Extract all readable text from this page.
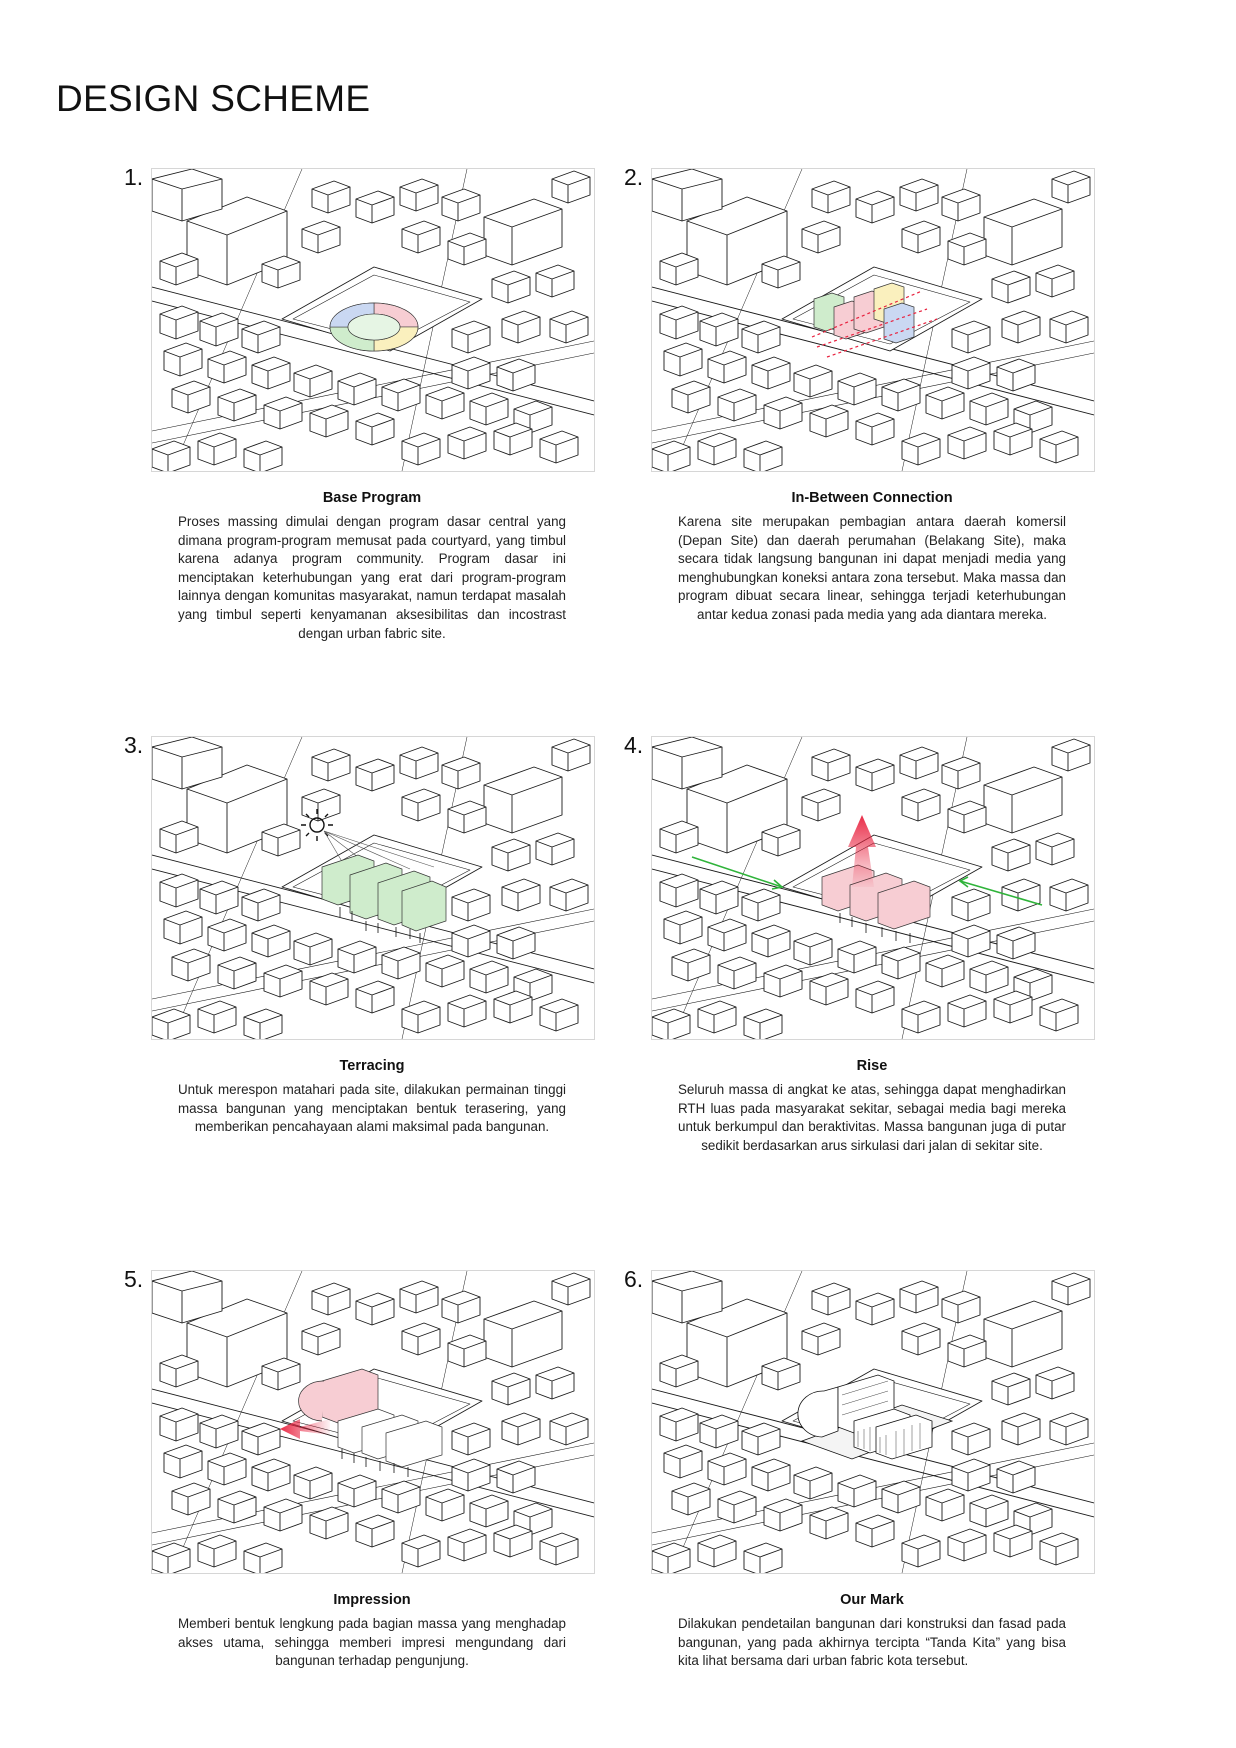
DESIGN SCHEME
1.
Base Program
Proses massing dimulai dengan program dasar central yang dimana program-program memusat pada courtyard, yang timbul karena adanya program community. Program dasar ini menciptakan keterhubungan yang erat dari program-program lainnya dengan komunitas masyarakat, namun terdapat masalah yang timbul seperti kenyamanan aksesibilitas dan incostrast dengan urban fabric site.
2.
In-Between Connection
Karena site merupakan pembagian antara daerah komersil (Depan Site) dan daerah perumahan (Belakang Site), maka secara tidak langsung bangunan ini dapat menjadi media yang menghubungkan koneksi antara zona tersebut. Maka massa dan program dibuat secara linear, sehingga terjadi keterhubungan antar kedua zonasi pada media yang ada diantara mereka.
3.
Terracing
Untuk merespon matahari pada site, dilakukan permainan tinggi massa bangunan yang menciptakan bentuk terasering, yang memberikan pencahayaan alami maksimal pada bangunan.
4.
Rise
Seluruh massa di angkat ke atas, sehingga dapat menghadirkan RTH luas pada masyarakat sekitar, sebagai media bagi mereka untuk berkumpul dan beraktivitas. Massa bangunan juga di putar sedikit berdasarkan arus sirkulasi dari jalan di sekitar site.
5.
Impression
Memberi bentuk lengkung pada bagian massa yang menghadap akses utama, sehingga memberi impresi mengundang dari bangunan terhadap pengunjung.
6.
Our Mark
Dilakukan pendetailan bangunan dari konstruksi dan fasad pada bangunan, yang pada akhirnya tercipta “Tanda Kita” yang bisa kita lihat bersama dari urban fabric kota tersebut.
